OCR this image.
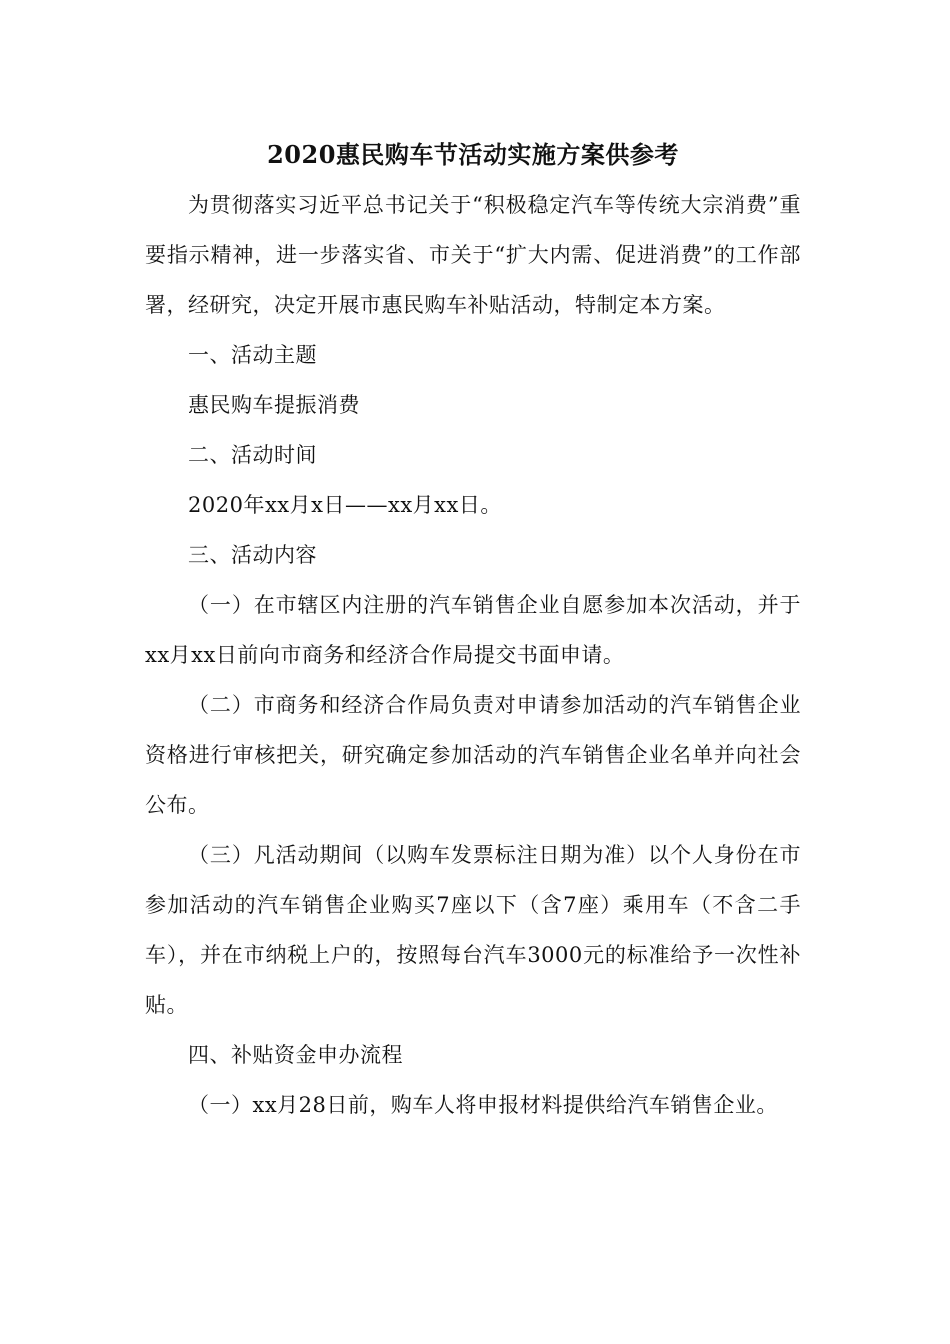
2020惠民购车节活动实施方案供参考

为贯彻落实习近平总书记关于“积极稳定汽车等传统大宗消费”重要指示精神，进一步落实省、市关于“扩大内需、促进消费”的工作部署，经研究，决定开展市惠民购车补贴活动，特制定本方案。

一、活动主题

惠民购车提振消费

二、活动时间

2020年xx月x日——xx月xx日。

三、活动内容

（一）在市辖区内注册的汽车销售企业自愿参加本次活动，并于xx月xx日前向市商务和经济合作局提交书面申请。

（二）市商务和经济合作局负责对申请参加活动的汽车销售企业资格进行审核把关，研究确定参加活动的汽车销售企业名单并向社会公布。

（三）凡活动期间（以购车发票标注日期为准）以个人身份在市参加活动的汽车销售企业购买7座以下（含7座）乘用车（不含二手车），并在市纳税上户的，按照每台汽车3000元的标准给予一次性补贴。

四、补贴资金申办流程

（一）xx月28日前，购车人将申报材料提供给汽车销售企业。
